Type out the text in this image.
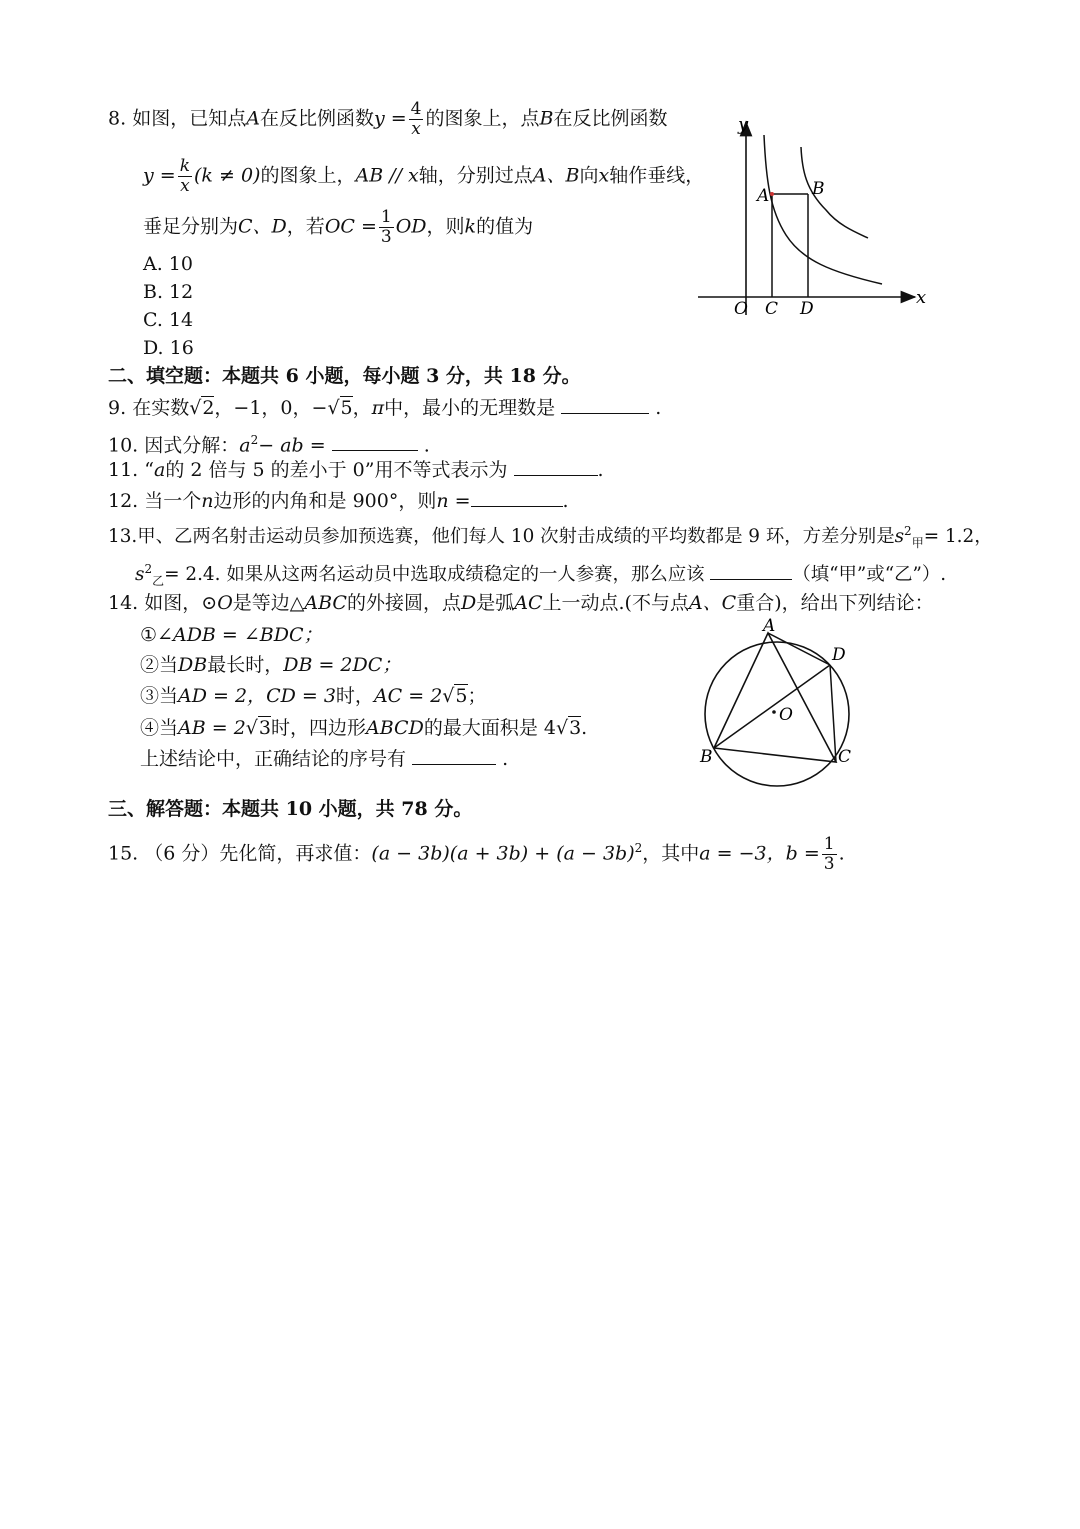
8. 如图，已知点A在反比例函数$y = \frac{4}{x}$ 的图象上，点B在反比例函数
$y = \frac{k}{x} (k \ne 0)$的图象上，AB // x轴，分别过点A、B向x轴作垂线，
垂足分别为C、D，若OC = $\frac{1}{3}$ OD，则k的值为
A. 10
B. 12
C. 14
D. 16
y
x
O
A	B
C D
二、填空题：本题共 6 小题，每小题 3 分，共 18 分。
9. 在实数√2，−1，0，−√5，π中，最小的无理数是	.
10. 因式分解：$a^2-$ ab =	.
11. “a的 2 倍与 5 的差小于 0”用不等式表示为	.
12. 当一个n边形的内角和是 900°，则n =	.
13.甲、乙两名射击运动员参加预选赛，他们每人 10 次射击成绩的平均数都是 9 环，方差分别是$s^2_甲= 1.2$，
$s^2_乙= 2.4$. 如果从这两名运动员中选取成绩稳定的一人参赛，那么应该	（填“甲”或“乙”）.
14. 如图，⊙O是等边△ABC的外接圆，点D是弧AC上一动点.(不与点A、C重合)，给出下列结论：
①∠ADB = ∠BDC；
②当DB最长时，DB = 2DC；
③当AD = 2，CD = 3时，AC = 2√5；
④当AB = 2√3时，四边形ABCD的最大面积是 4√3.
上述结论中，正确结论的序号有	.
A
B	C
D
O
三、解答题：本题共 10 小题，共 78 分。
15. （6 分）先化简，再求值：$(a - 3b)(a + 3b) + (a - 3b)^2$，其中a = −3，$b = \frac{1}{3}$ .
